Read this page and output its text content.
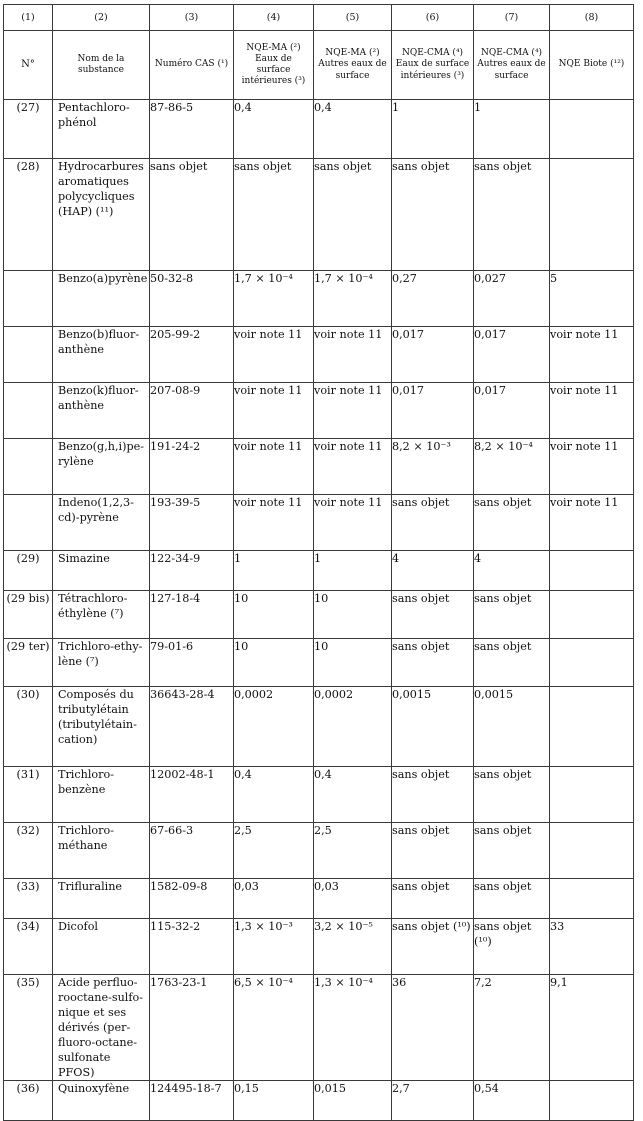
(1)	(2)	(3)	(4)	(5)	(6)	(7)	(8)
N°	Nom de la substance	Numéro CAS (¹)	NQE-MA (²) Eaux de surface intérieures (³)	NQE-MA (²) Autres eaux de surface	NQE-CMA (⁴) Eaux de surface intérieures (³)	NQE-CMA (⁴) Autres eaux de surface	NQE Biote (¹²)
(27)	Pentachloro-phénol	87-86-5	0,4	0,4	1	1	
(28)	Hydrocarbures aromatiques polycycliques (HAP) (¹¹)	sans objet	sans objet	sans objet	sans objet	sans objet	
	Benzo(a)pyrène	50-32-8	1,7 × 10⁻⁴	1,7 × 10⁻⁴	0,27	0,027	5
	Benzo(b)fluor-anthène	205-99-2	voir note 11	voir note 11	0,017	0,017	voir note 11
	Benzo(k)fluor-anthène	207-08-9	voir note 11	voir note 11	0,017	0,017	voir note 11
	Benzo(g,h,i)pe-rylène	191-24-2	voir note 11	voir note 11	8,2 × 10⁻³	8,2 × 10⁻⁴	voir note 11
	Indeno(1,2,3-cd)-pyrène	193-39-5	voir note 11	voir note 11	sans objet	sans objet	voir note 11
(29)	Simazine	122-34-9	1	1	4	4	
(29 bis)	Tétrachloro-éthylène (⁷)	127-18-4	10	10	sans objet	sans objet	
(29 ter)	Trichloro-ethy-lène (⁷)	79-01-6	10	10	sans objet	sans objet	
(30)	Composés du tributylétain (tributylétain-cation)	36643-28-4	0,0002	0,0002	0,0015	0,0015	
(31)	Trichloro-benzène	12002-48-1	0,4	0,4	sans objet	sans objet	
(32)	Trichloro-méthane	67-66-3	2,5	2,5	sans objet	sans objet	
(33)	Trifluraline	1582-09-8	0,03	0,03	sans objet	sans objet	
(34)	Dicofol	115-32-2	1,3 × 10⁻³	3,2 × 10⁻⁵	sans objet (¹⁰)	sans objet (¹⁰)	33
(35)	Acide perfluo-rooctane-sulfo-nique et ses dérivés (per-fluoro-octane-sulfonate PFOS)	1763-23-1	6,5 × 10⁻⁴	1,3 × 10⁻⁴	36	7,2	9,1
(36)	Quinoxyfène	124495-18-7	0,15	0,015	2,7	0,54	
